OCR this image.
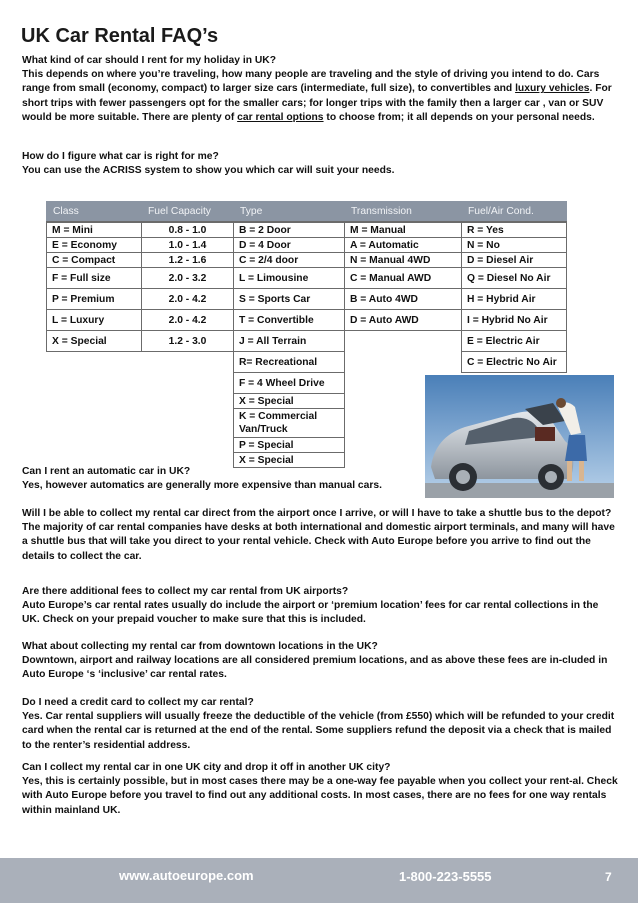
UK Car Rental FAQ’s
What kind of car should I rent for my holiday in UK?
This depends on where you’re traveling, how many people are traveling and the style of driving you intend to do. Cars range from small (economy, compact) to larger size cars (intermediate, full size), to convertibles and luxury vehicles. For short trips with fewer passengers opt for the smaller cars; for longer trips with the family then a larger car , van or SUV would be more suitable. There are plenty of car rental options to choose from; it all depends on your personal needs.
How do I figure what car is right for me?
You can use the ACRISS system to show you which car will suit your needs.
Class	Fuel Capacity	Type	Transmission	Fuel/Air Cond.
M = Mini	0.8 - 1.0	B = 2 Door	M = Manual	R = Yes
E = Economy	1.0 - 1.4	D = 4 Door	A = Automatic	N = No
C = Compact	1.2 - 1.6	C = 2/4 door	N = Manual 4WD	D = Diesel Air
F = Full size	2.0 - 3.2	L = Limousine	C = Manual AWD	Q = Diesel No Air
P = Premium	2.0 - 4.2	S = Sports Car	B = Auto 4WD	H = Hybrid Air
L = Luxury	2.0 - 4.2	T = Convertible	D = Auto AWD	I = Hybrid No Air
X = Special	1.2 - 3.0	J = All Terrain		E = Electric Air
		R= Recreational		C = Electric No Air
		F = 4 Wheel Drive		
		X = Special		
		K = Commercial Van/Truck		
		P = Special		
		X = Special		
Can I rent an automatic car in UK?
Yes, however automatics are generally more expensive than manual cars.
Will I be able to collect my rental car direct from the airport once I arrive, or will I have to take a shuttle bus to the depot?
The majority of car rental companies have desks at both international and domestic airport terminals, and many will have a shuttle bus that will take you direct to your rental vehicle. Check with Auto Europe before you arrive to find out the details to collect the car.
Are there additional fees to collect my car rental from UK airports?
Auto Europe’s car rental rates usually do include the airport or ‘premium location’ fees for car rental collections in the UK. Check on your prepaid voucher to make sure that this is included.
What about collecting my rental car from downtown locations in the UK?
Downtown, airport and railway locations are all considered premium locations, and as above these fees are in-cluded in Auto Europe ‘s ‘inclusive’ car rental rates.
Do I need a credit card to collect my car rental?
Yes. Car rental suppliers will usually freeze the deductible of the vehicle (from £550) which will be refunded to your credit card when the rental car is returned at the end of the rental. Some suppliers refund the deposit via a check that is mailed to the renter’s residential address.
Can I collect my rental car in one UK city and drop it off in another UK city?
Yes, this is certainly possible, but in most cases there may be a one-way fee payable when you collect your rent-al. Check with Auto Europe before you travel to find out any additional costs. In most cases, there are no fees for one way rentals within mainland UK.
www.autoeurope.com	1-800-223-5555	7
